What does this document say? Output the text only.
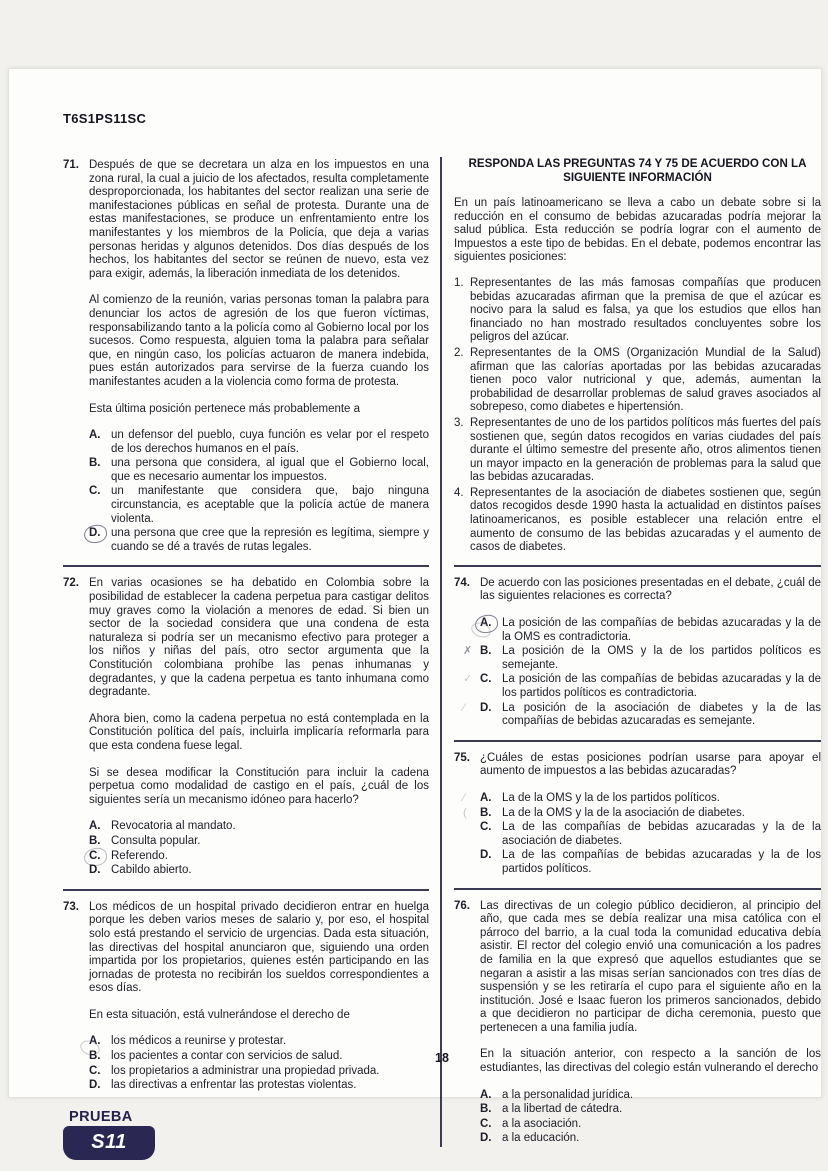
T6S1PS11SC
71. Después de que se decretara un alza en los impuestos en una zona rural, la cual a juicio de los afectados, resulta completamente desproporcionada, los habitantes del sector realizan una serie de manifestaciones públicas en señal de protesta. Durante una de estas manifestaciones, se produce un enfrentamiento entre los manifestantes y los miembros de la Policía, que deja a varias personas heridas y algunos detenidos. Dos días después de los hechos, los habitantes del sector se reúnen de nuevo, esta vez para exigir, además, la liberación inmediata de los detenidos.

Al comienzo de la reunión, varias personas toman la palabra para denunciar los actos de agresión de los que fueron víctimas, responsabilizando tanto a la policía como al Gobierno local por los sucesos. Como respuesta, alguien toma la palabra para señalar que, en ningún caso, los policías actuaron de manera indebida, pues están autorizados para servirse de la fuerza cuando los manifestantes acuden a la violencia como forma de protesta.

Esta última posición pertenece más probablemente a

A. un defensor del pueblo, cuya función es velar por el respeto de los derechos humanos en el país.
B. una persona que considera, al igual que el Gobierno local, que es necesario aumentar los impuestos.
C. un manifestante que considera que, bajo ninguna circunstancia, es aceptable que la policía actúe de manera violenta.
D. una persona que cree que la represión es legítima, siempre y cuando se dé a través de rutas legales.
72. En varias ocasiones se ha debatido en Colombia sobre la posibilidad de establecer la cadena perpetua para castigar delitos muy graves como la violación a menores de edad. Si bien un sector de la sociedad considera que una condena de esta naturaleza si podría ser un mecanismo efectivo para proteger a los niños y niñas del país, otro sector argumenta que la Constitución colombiana prohíbe las penas inhumanas y degradantes, y que la cadena perpetua es tanto inhumana como degradante.

Ahora bien, como la cadena perpetua no está contemplada en la Constitución política del país, incluirla implicaría reformarla para que esta condena fuese legal.

Si se desea modificar la Constitución para incluir la cadena perpetua como modalidad de castigo en el país, ¿cuál de los siguientes sería un mecanismo idóneo para hacerlo?

A. Revocatoria al mandato.
B. Consulta popular.
C. Referendo.
D. Cabildo abierto.
73. Los médicos de un hospital privado decidieron entrar en huelga porque les deben varios meses de salario y, por eso, el hospital solo está prestando el servicio de urgencias. Dada esta situación, las directivas del hospital anunciaron que, siguiendo una orden impartida por los propietarios, quienes estén participando en las jornadas de protesta no recibirán los sueldos correspondientes a esos días.

En esta situación, está vulnerándose el derecho de

A. los médicos a reunirse y protestar.
B. los pacientes a contar con servicios de salud.
C. los propietarios a administrar una propiedad privada.
D. las directivas a enfrentar las protestas violentas.
PRUEBA
S11
RESPONDA LAS PREGUNTAS 74 Y 75 DE ACUERDO CON LA SIGUIENTE INFORMACIÓN

En un país latinoamericano se lleva a cabo un debate sobre si la reducción en el consumo de bebidas azucaradas podría mejorar la salud pública. Esta reducción se podría lograr con el aumento de Impuestos a este tipo de bebidas. En el debate, podemos encontrar las siguientes posiciones:

1. Representantes de las más famosas compañías que producen bebidas azucaradas afirman que la premisa de que el azúcar es nocivo para la salud es falsa, ya que los estudios que ellos han financiado no han mostrado resultados concluyentes sobre los peligros del azúcar.
2. Representantes de la OMS (Organización Mundial de la Salud) afirman que las calorías aportadas por las bebidas azucaradas tienen poco valor nutricional y que, además, aumentan la probabilidad de desarrollar problemas de salud graves asociados al sobrepeso, como diabetes e hipertensión.
3. Representantes de uno de los partidos políticos más fuertes del país sostienen que, según datos recogidos en varias ciudades del país durante el último semestre del presente año, otros alimentos tienen un mayor impacto en la generación de problemas para la salud que las bebidas azucaradas.
4. Representantes de la asociación de diabetes sostienen que, según datos recogidos desde 1990 hasta la actualidad en distintos países latinoamericanos, es posible establecer una relación entre el aumento de consumo de las bebidas azucaradas y el aumento de casos de diabetes.
74. De acuerdo con las posiciones presentadas en el debate, ¿cuál de las siguientes relaciones es correcta?

A. La posición de las compañías de bebidas azucaradas y la de la OMS es contradictoria.
B.
✗	La posición de la OMS y la de los partidos políticos es semejante.
C.
✓	La posición de las compañías de bebidas azucaradas y la de los partidos políticos es contradictoria.
D.
∕	La posición de la asociación de diabetes y la de las compañías de bebidas azucaradas es semejante.
75. ¿Cuáles de estas posiciones podrían usarse para apoyar el aumento de impuestos a las bebidas azucaradas?

A.
∕	La de la OMS y la de los partidos políticos.
B.
(	La de la OMS y la de la asociación de diabetes.
C. La de las compañías de bebidas azucaradas y la de la asociación de diabetes.
D. La de las compañías de bebidas azucaradas y la de los partidos políticos.
76. Las directivas de un colegio público decidieron, al principio del año, que cada mes se debía realizar una misa católica con el párroco del barrio, a la cual toda la comunidad educativa debía asistir. El rector del colegio envió una comunicación a los padres de familia en la que expresó que aquellos estudiantes que se negaran a asistir a las misas serían sancionados con tres días de suspensión y se les retiraría el cupo para el siguiente año en la institución. José e Isaac fueron los primeros sancionados, debido a que decidieron no participar de dicha ceremonia, puesto que pertenecen a una familia judía.

En la situación anterior, con respecto a la sanción de los estudiantes, las directivas del colegio están vulnerando el derecho

A. a la personalidad jurídica.
B. a la libertad de cátedra.
C. a la asociación.
D. a la educación.
18
